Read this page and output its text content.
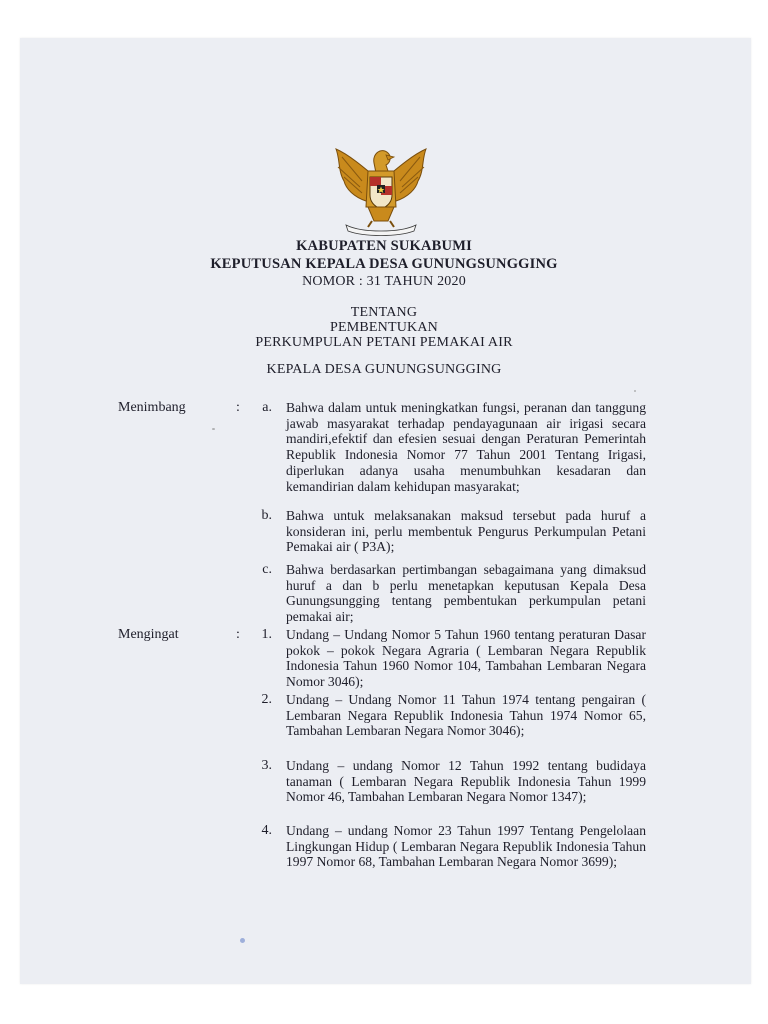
KABUPATEN SUKABUMI
KEPUTUSAN KEPALA DESA GUNUNGSUNGGING
NOMOR : 31 TAHUN 2020
TENTANG
PEMBENTUKAN
PERKUMPULAN PETANI PEMAKAI AIR
KEPALA DESA GUNUNGSUNGGING
Menimbang	:	a. Bahwa dalam untuk meningkatkan fungsi, peranan dan tanggung jawab masyarakat terhadap pendayagunaan air irigasi secara mandiri,efektif dan efesien sesuai dengan Peraturan Pemerintah Republik Indonesia Nomor 77 Tahun 2001 Tentang Irigasi, diperlukan adanya usaha menumbuhkan kesadaran dan kemandirian dalam kehidupan masyarakat;
b. Bahwa untuk melaksanakan maksud tersebut pada huruf a konsideran ini, perlu membentuk Pengurus Perkumpulan Petani Pemakai air ( P3A);
c. Bahwa berdasarkan pertimbangan sebagaimana yang dimaksud huruf a dan b perlu menetapkan keputusan Kepala Desa Gunungsungging tentang pembentukan perkumpulan petani pemakai air;
Mengingat	:	1. Undang – Undang Nomor 5 Tahun 1960 tentang peraturan Dasar pokok – pokok Negara Agraria ( Lembaran Negara Republik Indonesia Tahun 1960 Nomor 104, Tambahan Lembaran Negara Nomor 3046);
2. Undang – Undang Nomor 11 Tahun 1974 tentang pengairan ( Lembaran Negara Republik Indonesia Tahun 1974 Nomor 65, Tambahan Lembaran Negara Nomor 3046);
3. Undang – undang Nomor 12 Tahun 1992 tentang budidaya tanaman ( Lembaran Negara Republik Indonesia Tahun 1999 Nomor 46, Tambahan Lembaran Negara Nomor 1347);
4. Undang – undang Nomor 23 Tahun 1997 Tentang Pengelolaan Lingkungan Hidup ( Lembaran Negara Republik Indonesia Tahun 1997 Nomor 68, Tambahan Lembaran Negara Nomor 3699);
